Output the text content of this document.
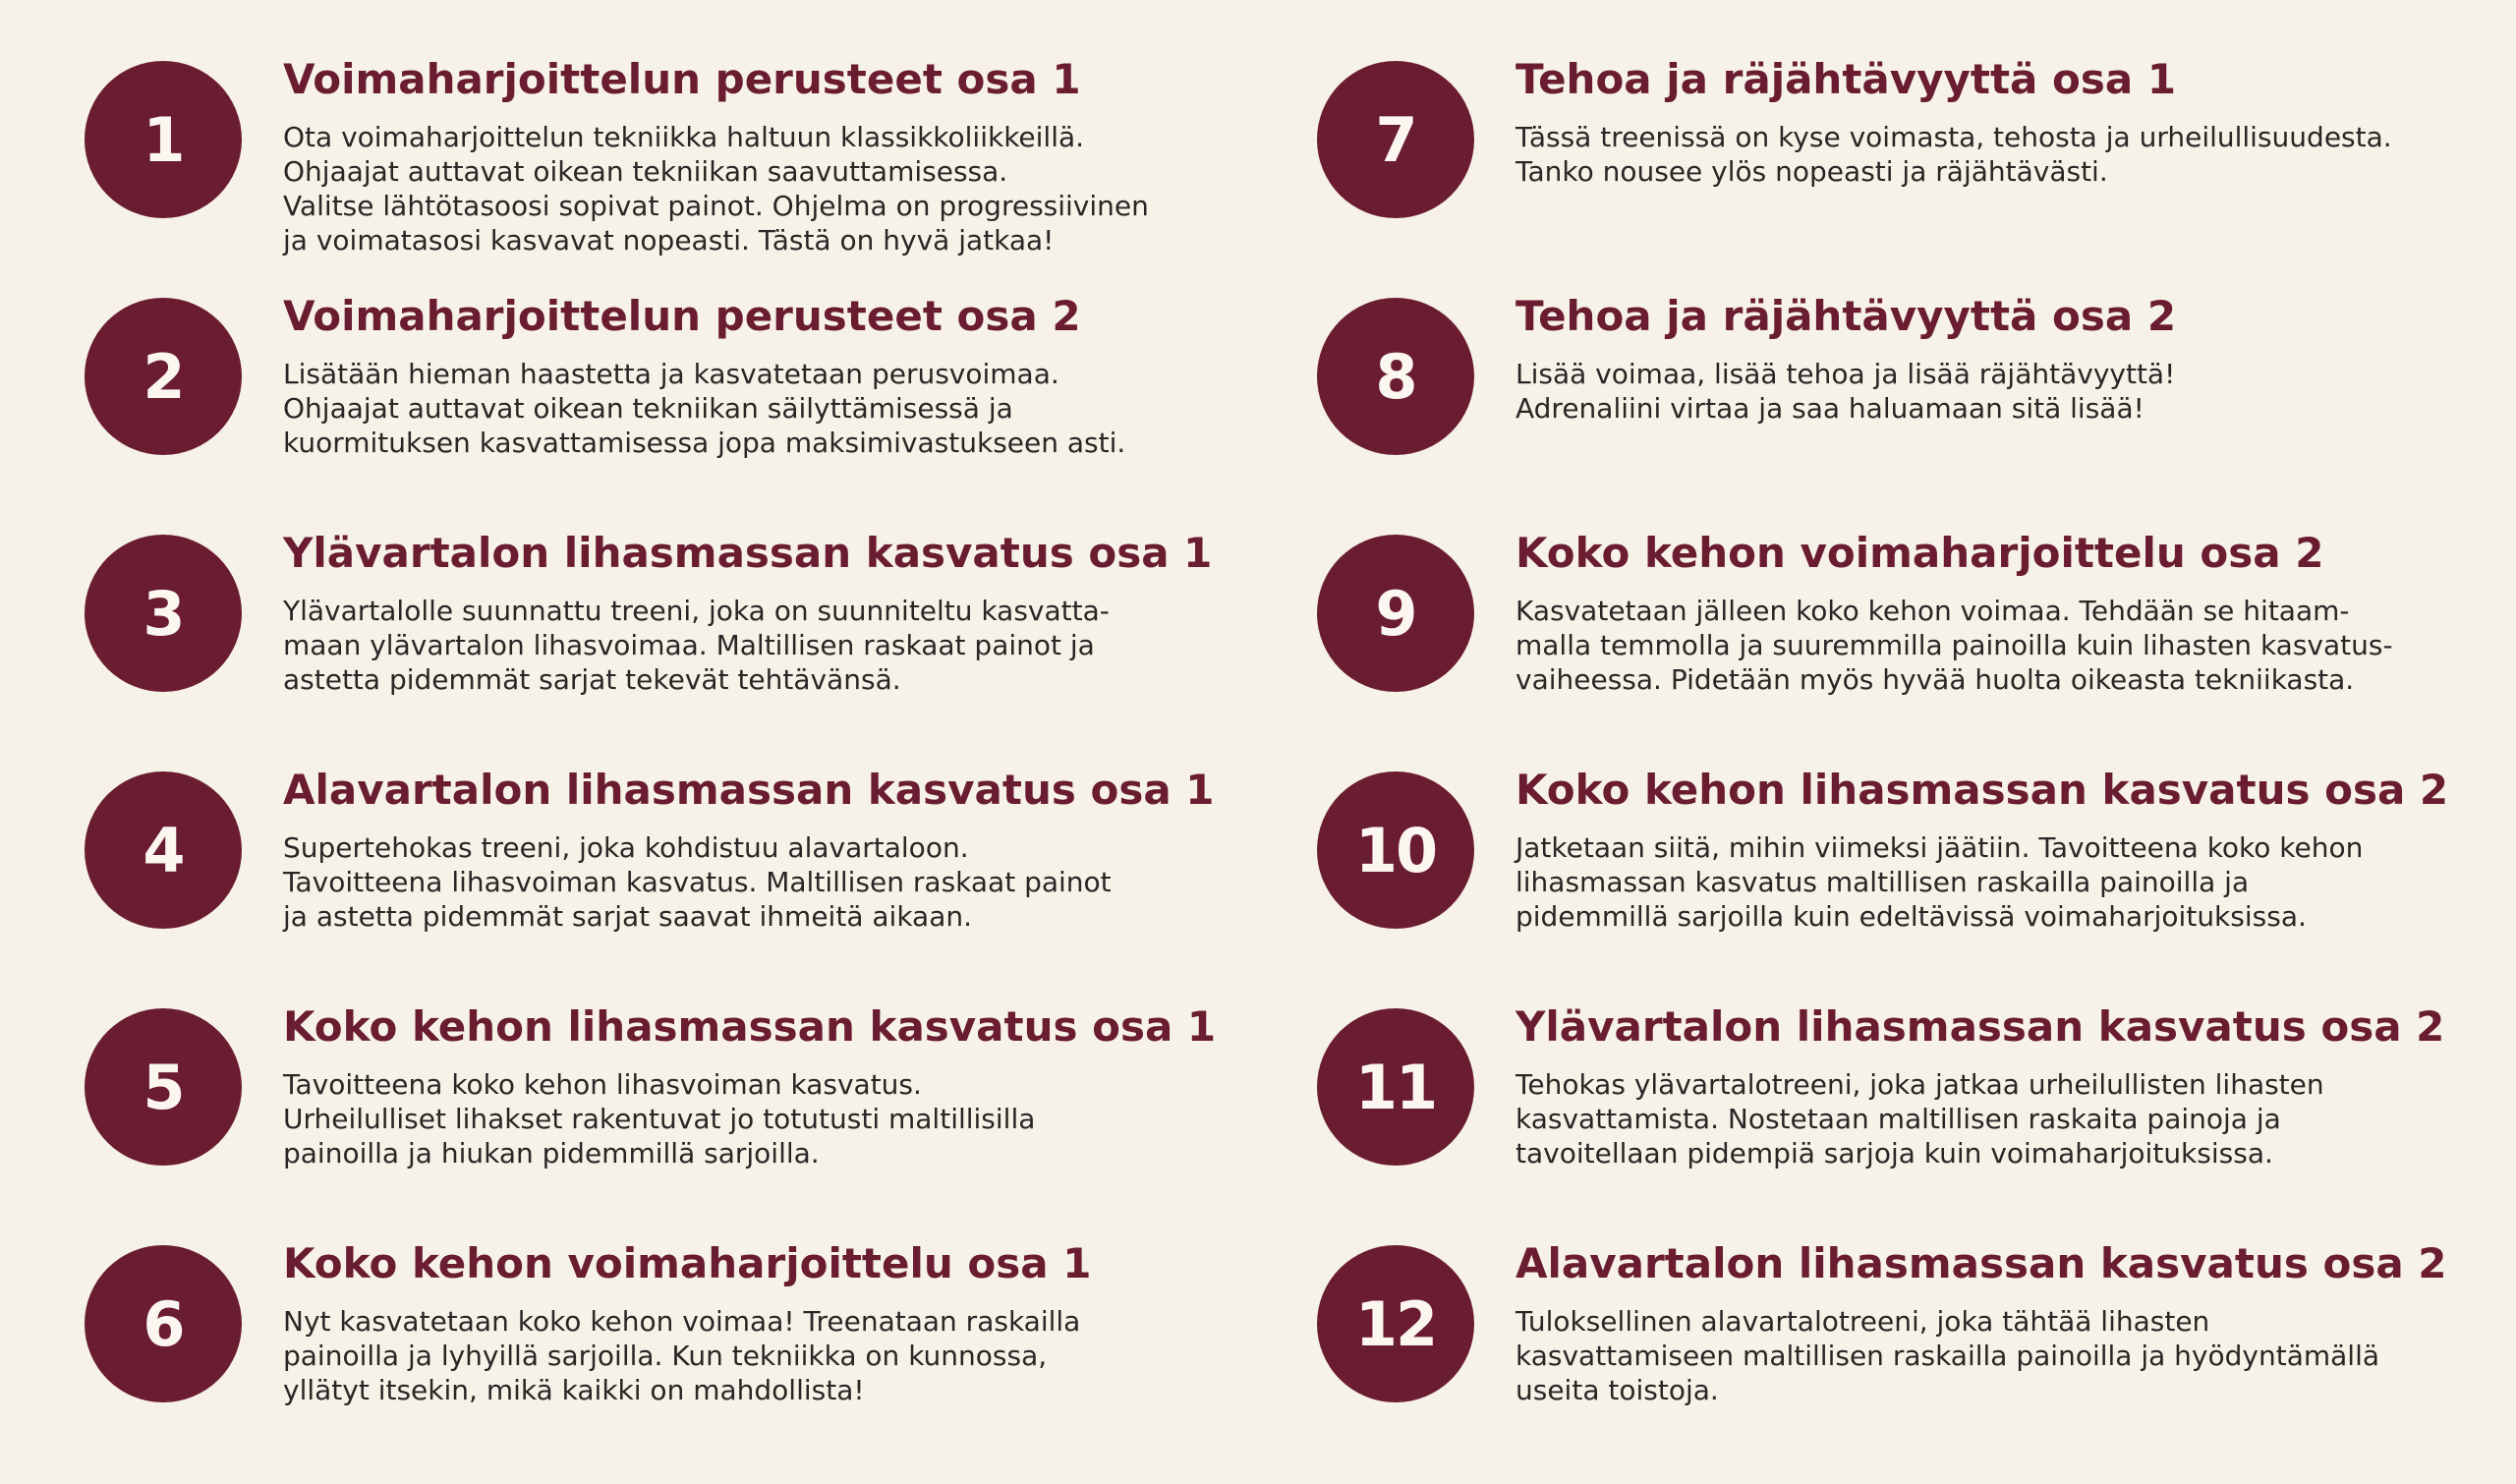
1
Voimaharjoittelun perusteet osa 1

Ota voimaharjoittelun tekniikka haltuun klassikkoliikkeillä.
Ohjaajat auttavat oikean tekniikan saavuttamisessa.
Valitse lähtötasoosi sopivat painot. Ohjelma on progressiivinen
ja voimatasosi kasvavat nopeasti. Tästä on hyvä jatkaa!

2
Voimaharjoittelun perusteet osa 2

Lisätään hieman haastetta ja kasvatetaan perusvoimaa.
Ohjaajat auttavat oikean tekniikan säilyttämisessä ja
kuormituksen kasvattamisessa jopa maksimivastukseen asti.

3
Ylävartalon lihasmassan kasvatus osa 1

Ylävartalolle suunnattu treeni, joka on suunniteltu kasvatta-
maan ylävartalon lihasvoimaa. Maltillisen raskaat painot ja
astetta pidemmät sarjat tekevät tehtävänsä.

4
Alavartalon lihasmassan kasvatus osa 1

Supertehokas treeni, joka kohdistuu alavartaloon.
Tavoitteena lihasvoiman kasvatus. Maltillisen raskaat painot
ja astetta pidemmät sarjat saavat ihmeitä aikaan.

5
Koko kehon lihasmassan kasvatus osa 1

Tavoitteena koko kehon lihasvoiman kasvatus.
Urheilulliset lihakset rakentuvat jo totutusti maltillisilla
painoilla ja hiukan pidemmillä sarjoilla.

6
Koko kehon voimaharjoittelu osa 1

Nyt kasvatetaan koko kehon voimaa! Treenataan raskailla
painoilla ja lyhyillä sarjoilla. Kun tekniikka on kunnossa,
yllätyt itsekin, mikä kaikki on mahdollista!

7
Tehoa ja räjähtävyyttä osa 1

Tässä treenissä on kyse voimasta, tehosta ja urheilullisuudesta.
Tanko nousee ylös nopeasti ja räjähtävästi.

8
Tehoa ja räjähtävyyttä osa 2

Lisää voimaa, lisää tehoa ja lisää räjähtävyyttä!
Adrenaliini virtaa ja saa haluamaan sitä lisää!

9
Koko kehon voimaharjoittelu osa 2

Kasvatetaan jälleen koko kehon voimaa. Tehdään se hitaam-
malla temmolla ja suuremmilla painoilla kuin lihasten kasvatus-
vaiheessa. Pidetään myös hyvää huolta oikeasta tekniikasta.

10
Koko kehon lihasmassan kasvatus osa 2

Jatketaan siitä, mihin viimeksi jäätiin. Tavoitteena koko kehon
lihasmassan kasvatus maltillisen raskailla painoilla ja
pidemmillä sarjoilla kuin edeltävissä voimaharjoituksissa.

11
Ylävartalon lihasmassan kasvatus osa 2

Tehokas ylävartalotreeni, joka jatkaa urheilullisten lihasten
kasvattamista. Nostetaan maltillisen raskaita painoja ja
tavoitellaan pidempiä sarjoja kuin voimaharjoituksissa.

12
Alavartalon lihasmassan kasvatus osa 2

Tuloksellinen alavartalotreeni, joka tähtää lihasten
kasvattamiseen maltillisen raskailla painoilla ja hyödyntämällä
useita toistoja.
